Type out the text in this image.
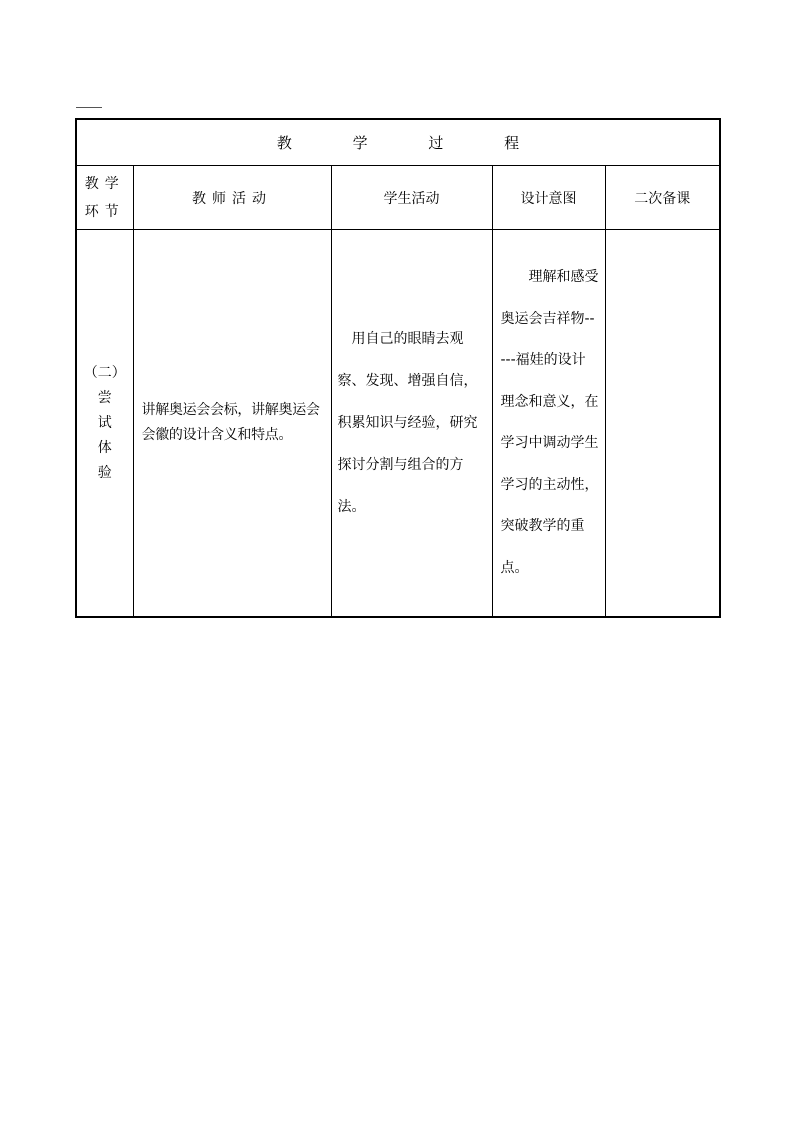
教 学 过 程				

教学
环节	教师活动	学生活动	设计意图	二次备课

（二）
尝
试
体
验	讲解奥运会会标，讲解奥运会会徽的设计含义和特点。	用自己的眼睛去观察、发现、增强自信，积累知识与经验，研究探讨分割与组合的方法。	理解和感受奥运会吉祥物-----福娃的设计理念和意义，在学习中调动学生学习的主动性，突破教学的重点。	
